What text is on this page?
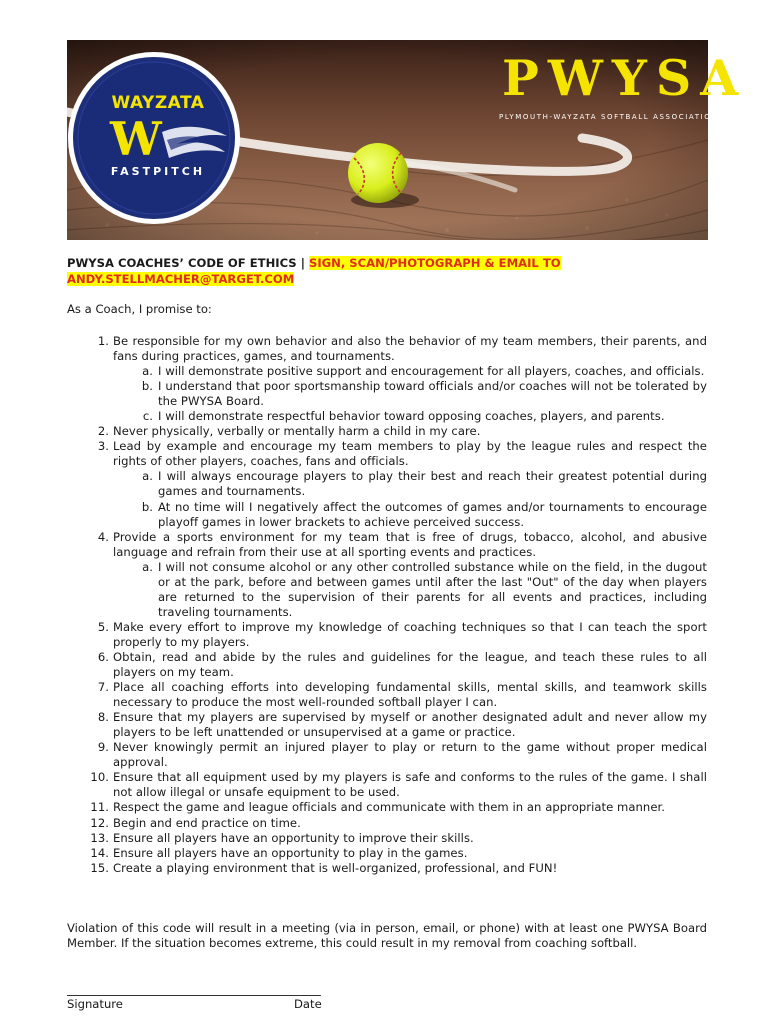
WAYZATA
W
FASTPITCH
PWYSA
PLYMOUTH-WAYZATA SOFTBALL ASSOCIATION
PWYSA COACHES’ CODE OF ETHICS | SIGN, SCAN/PHOTOGRAPH & EMAIL TO
ANDY.STELLMACHER@TARGET.COM
As a Coach, I promise to:
1. Be responsible for my own behavior and also the behavior of my team members, their parents, and fans during practices, games, and tournaments.
a. I will demonstrate positive support and encouragement for all players, coaches, and officials.
b. I understand that poor sportsmanship toward officials and/or coaches will not be tolerated by the PWYSA Board.
c. I will demonstrate respectful behavior toward opposing coaches, players, and parents.
2. Never physically, verbally or mentally harm a child in my care.
3. Lead by example and encourage my team members to play by the league rules and respect the rights of other players, coaches, fans and officials.
a. I will always encourage players to play their best and reach their greatest potential during games and tournaments.
b. At no time will I negatively affect the outcomes of games and/or tournaments to encourage playoff games in lower brackets to achieve perceived success.
4. Provide a sports environment for my team that is free of drugs, tobacco, alcohol, and abusive language and refrain from their use at all sporting events and practices.
a. I will not consume alcohol or any other controlled substance while on the field, in the dugout or at the park, before and between games until after the last "Out" of the day when players are returned to the supervision of their parents for all events and practices, including traveling tournaments.
5. Make every effort to improve my knowledge of coaching techniques so that I can teach the sport properly to my players.
6. Obtain, read and abide by the rules and guidelines for the league, and teach these rules to all players on my team.
7. Place all coaching efforts into developing fundamental skills, mental skills, and teamwork skills necessary to produce the most well-rounded softball player I can.
8. Ensure that my players are supervised by myself or another designated adult and never allow my players to be left unattended or unsupervised at a game or practice.
9. Never knowingly permit an injured player to play or return to the game without proper medical approval.
10. Ensure that all equipment used by my players is safe and conforms to the rules of the game. I shall not allow illegal or unsafe equipment to be used.
11. Respect the game and league officials and communicate with them in an appropriate manner.
12. Begin and end practice on time.
13. Ensure all players have an opportunity to improve their skills.
14. Ensure all players have an opportunity to play in the games.
15. Create a playing environment that is well-organized, professional, and FUN!
Violation of this code will result in a meeting (via in person, email, or phone) with at least one PWYSA Board Member. If the situation becomes extreme, this could result in my removal from coaching softball.
Signature	Date
